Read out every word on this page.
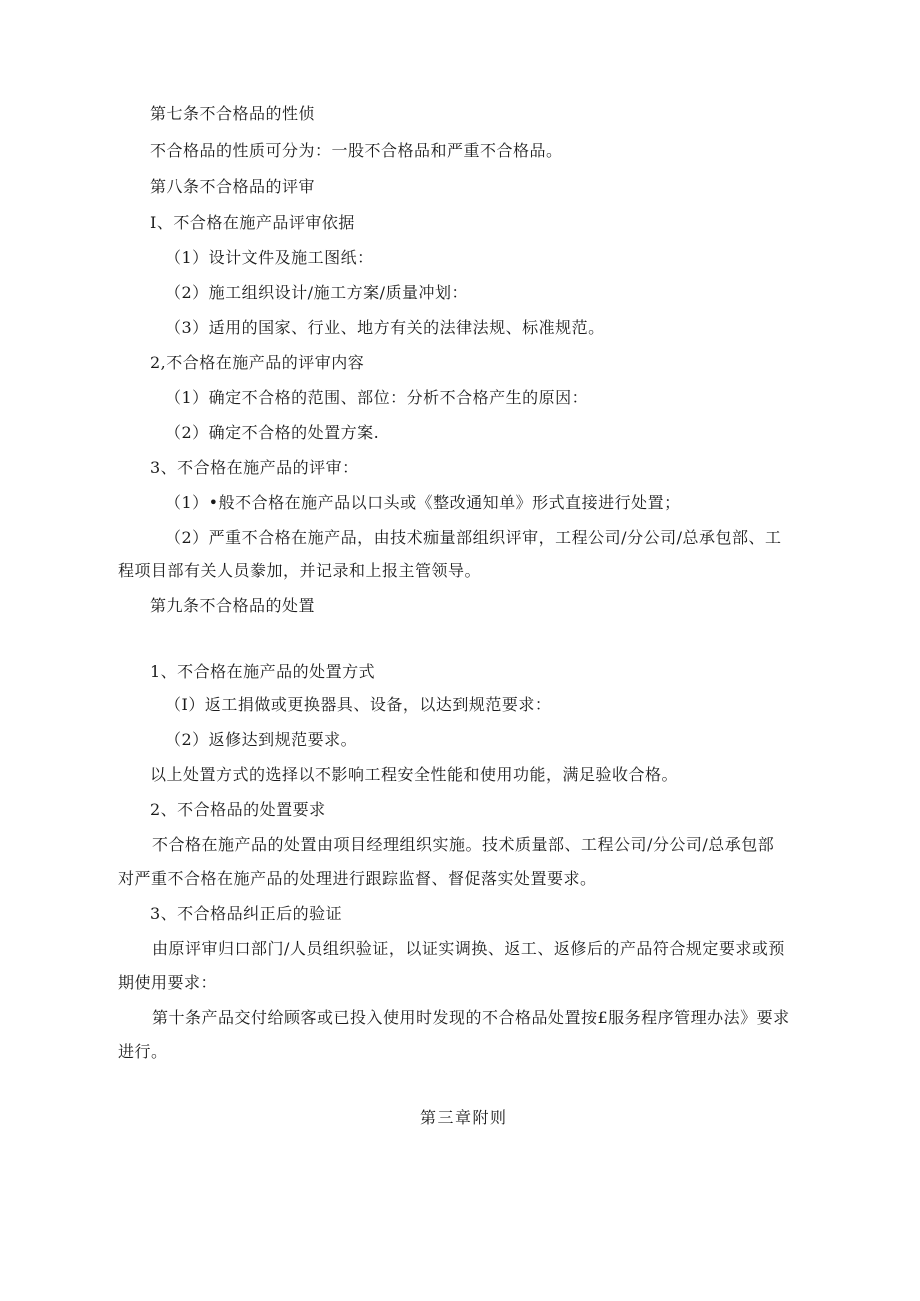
第七条不合格品的性侦

不合格品的性质可分为：一股不合格品和严重不合格品。

第八条不合格品的评审

I、不合格在施产品评审依据

（1）设计文件及施工图纸：

（2）施工组织设计/施工方案/质量冲划：

（3）适用的国家、行业、地方有关的法律法规、标准规范。

2,不合格在施产品的评审内容

（1）确定不合格的范围、部位：分析不合格产生的原因：

（2）确定不合格的处置方案.

3、不合格在施产品的评审：

（1）•般不合格在施产品以口头或《整改通知单》形式直接进行处置；

（2）严重不合格在施产品，由技术痂量部组织评审，工程公司/分公司/总承包部、工

程项目部有关人员豢加，并记录和上报主管领导。

第九条不合格品的处置

1、不合格在施产品的处置方式

（I）返工捐做或更换器具、设备，以达到规范要求：

（2）返修达到规范要求。

以上处置方式的选择以不影响工程安全性能和使用功能，满足验收合格。

2、不合格品的处置要求

不合格在施产品的处置由项目经理组织实施。技术质量部、工程公司/分公司/总承包部

对严重不合格在施产品的处理进行跟踪监督、督促落实处置要求。

3、不合格品纠正后的验证

由原评审归口部门/人员组织验证，以证实调换、返工、返修后的产品符合规定要求或预

期使用要求：

第十条产品交付给顾客或已投入使用时发现的不合格品处置按£服务程序管理办法》要求

进行。

第三章附则
